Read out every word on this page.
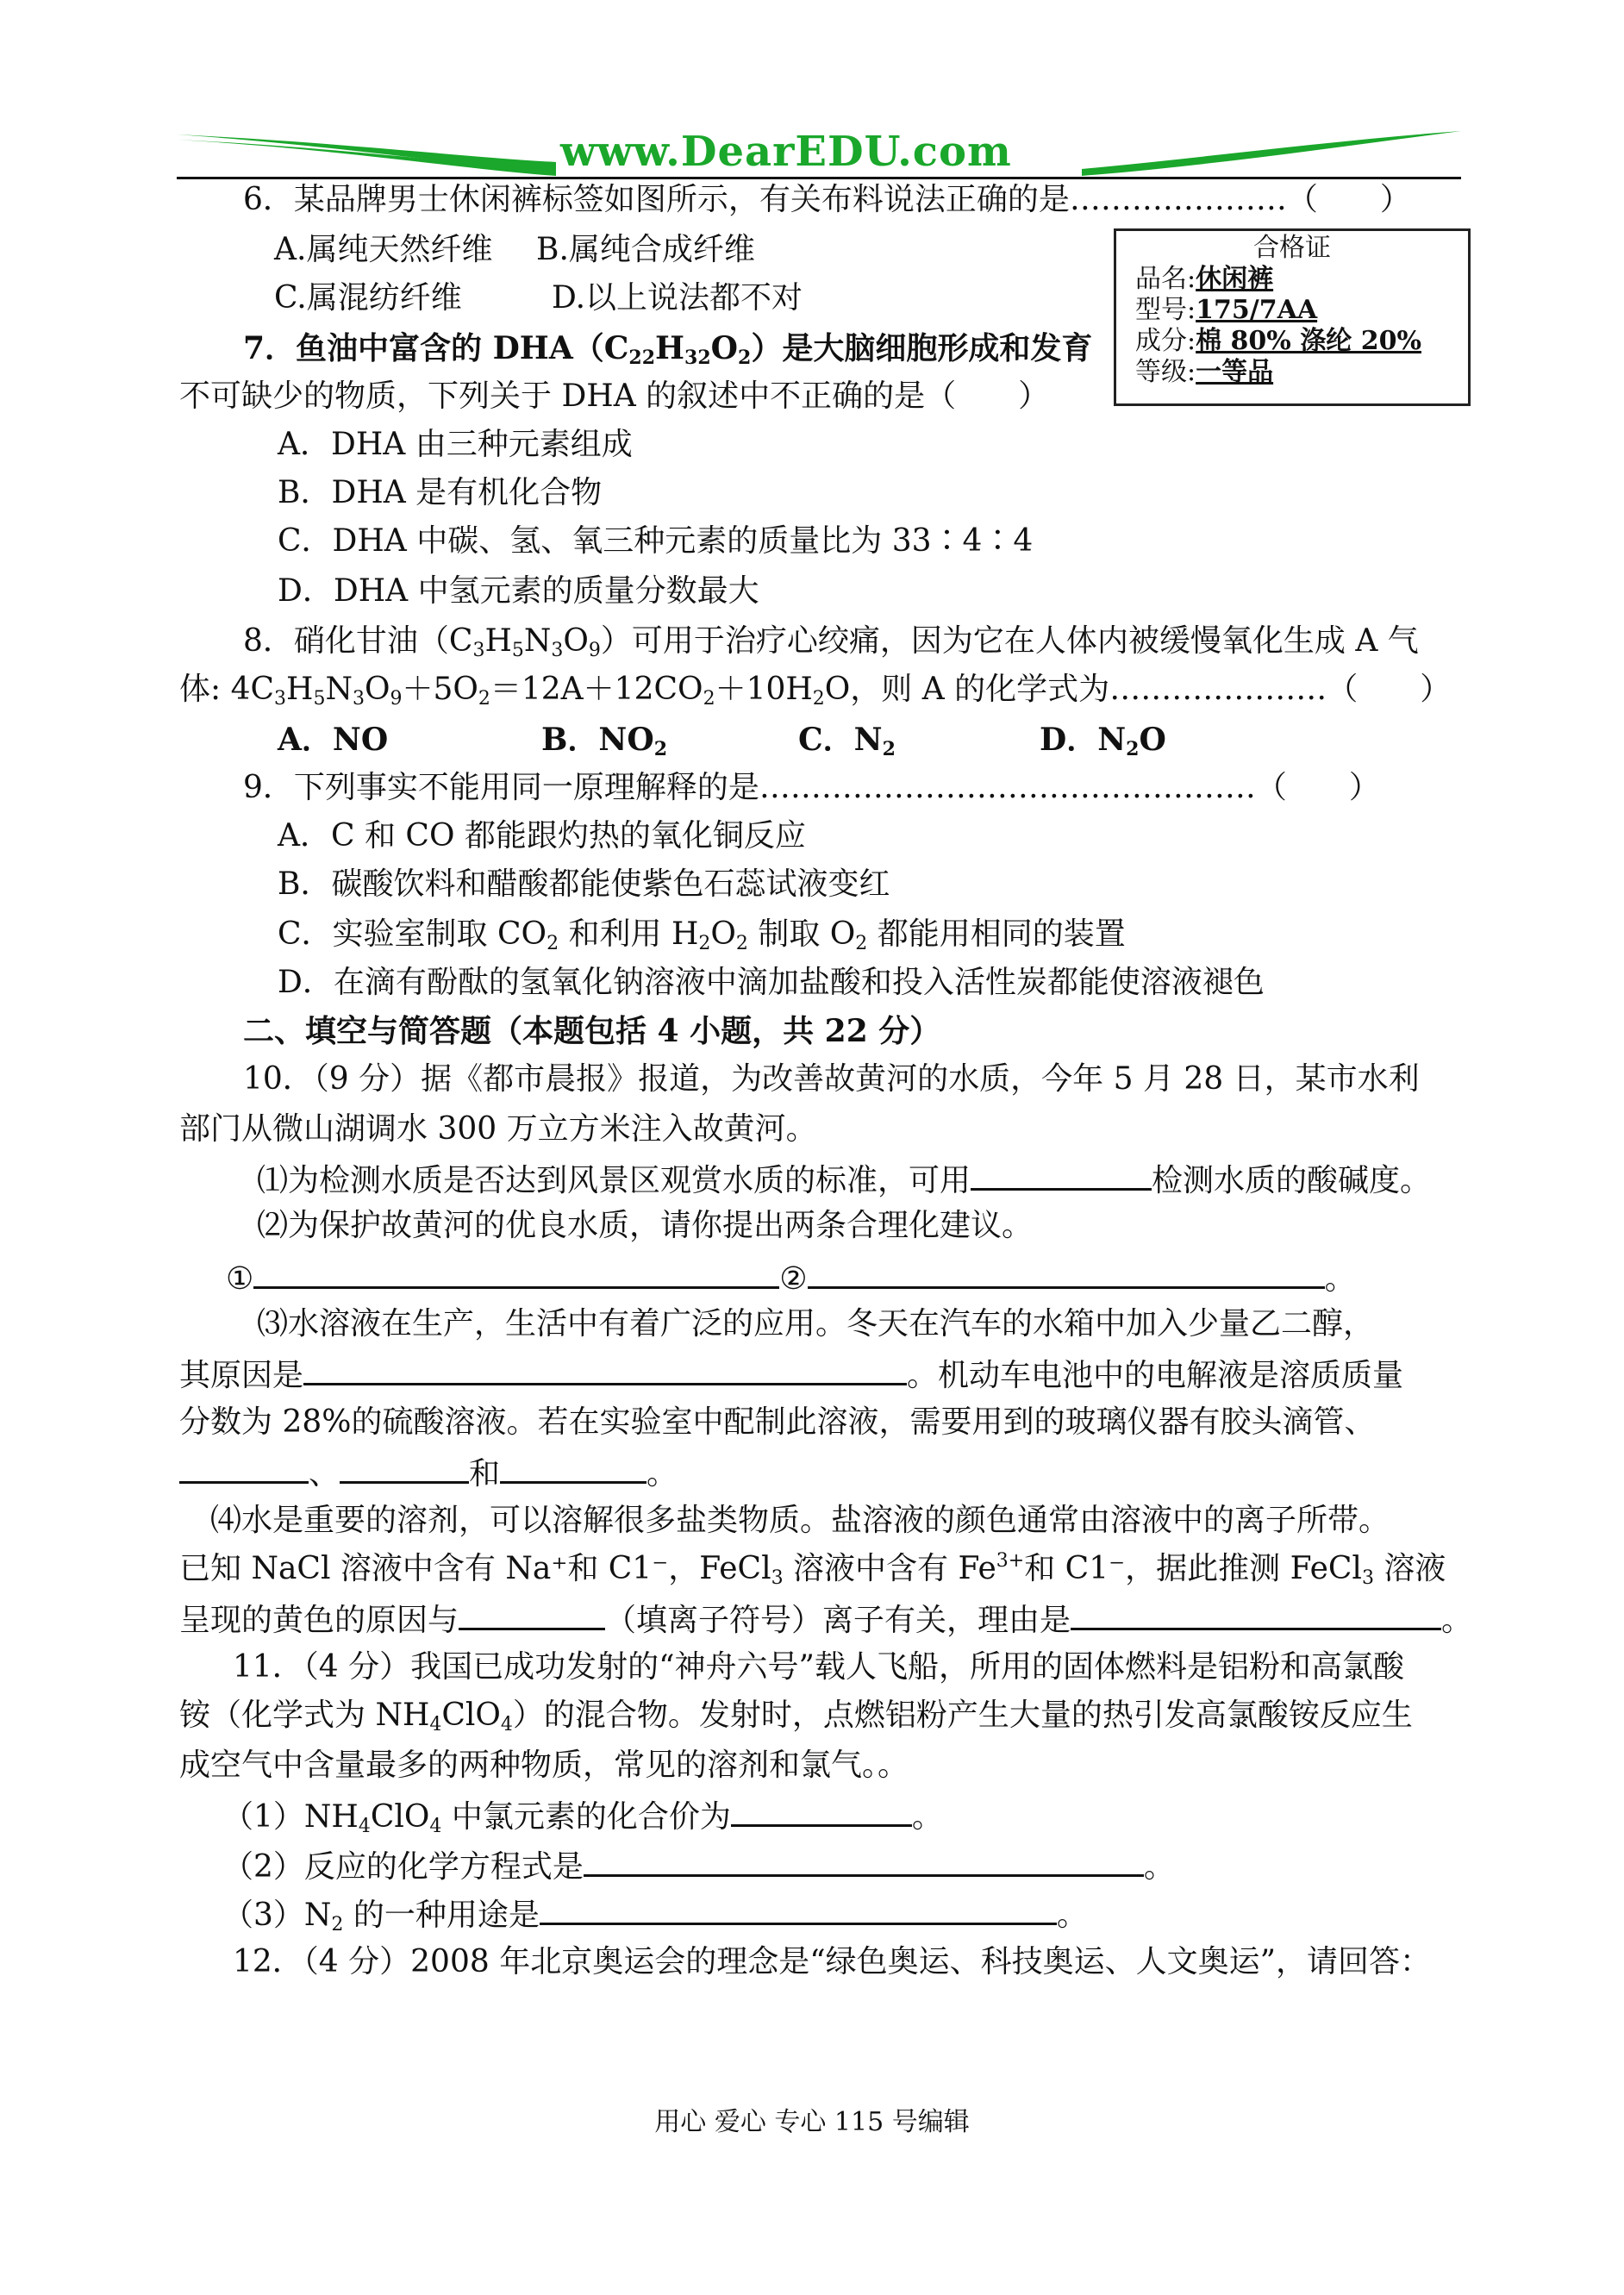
www.DearEDU.com
6．某品牌男士休闲裤标签如图所示，有关布料说法正确的是…………………（　　）
A.属纯天然纤维 B.属纯合成纤维
C.属混纺纤维	D.以上说法都不对
合格证
品名:休闲裤
型号:175/7AA
成分:棉 80% 涤纶 20%
等级:一等品
7．鱼油中富含的 $DHA(C_{22}H_{32}O_2)$是大脑细胞形成和发育
不可缺少的物质，下列关于 DHA 的叙述中不正确的是（　　）
A．DHA 由三种元素组成
B．DHA 是有机化合物
C．DHA 中碳、氢、氧三种元素的质量比为 33∶4∶4
D．DHA 中氢元素的质量分数最大
8．硝化甘油$(C_3H_5N_3O_9)$可用于治疗心绞痛，因为它在人体内被缓慢氧化生成 A 气
体: $4C_3H_5N_3O_9+5O_2=12A+12CO_2+10H_2O$，则 A 的化学式为…………………（　　）
A．NO	B．$NO_2$	C．$N_2$	D．$N_2O$
9．下列事实不能用同一原理解释的是…………………………………………（　　）
A．C 和 CO 都能跟灼热的氧化铜反应
B．碳酸饮料和醋酸都能使紫色石蕊试液变红
C．实验室制取 $CO_2$ 和利用 $H_2O_2$ 制取 $O_2$ 都能用相同的装置
D．在滴有酚酞的氢氧化钠溶液中滴加盐酸和投入活性炭都能使溶液褪色
二、填空与简答题（本题包括 4 小题，共 22 分）
10．（9 分）据《都市晨报》报道，为改善故黄河的水质，今年 5 月 28 日，某市水利
部门从微山湖调水 300 万立方米注入故黄河。
⑴为检测水质是否达到风景区观赏水质的标准，可用	检测水质的酸碱度。
⑵为保护故黄河的优良水质，请你提出两条合理化建议。
①	②	。
⑶水溶液在生产，生活中有着广泛的应用。冬天在汽车的水箱中加入少量乙二醇，
其原因是	。机动车电池中的电解液是溶质质量
分数为 28%的硫酸溶液。若在实验室中配制此溶液，需要用到的玻璃仪器有胶头滴管、
、	和	。
⑷水是重要的溶剂，可以溶解很多盐类物质。盐溶液的颜色通常由溶液中的离子所带。
已知 NaCl 溶液中含有 Na⁺和 C1⁻，FeCl$_3$ 溶液中含有 $Fe^{3+}$和 C1⁻，据此推测 FeCl$_3$ 溶液
呈现的黄色的原因与	（填离子符号）离子有关，理由是	。
11．（4 分）我国已成功发射的“神舟六号”载人飞船，所用的固体燃料是铝粉和高氯酸
铵（化学式为 $NH_4ClO_4$）的混合物。发射时，点燃铝粉产生大量的热引发高氯酸铵反应生
成空气中含量最多的两种物质，常见的溶剂和氯气。。
$(1)NH_4ClO_4$ 中氯元素的化合价为	。
（2）反应的化学方程式是	。
$(3)N_2$ 的一种用途是	。
12．（4 分）2008 年北京奥运会的理念是“绿色奥运、科技奥运、人文奥运”，请回答：
用心 爱心 专心 115 号编辑
